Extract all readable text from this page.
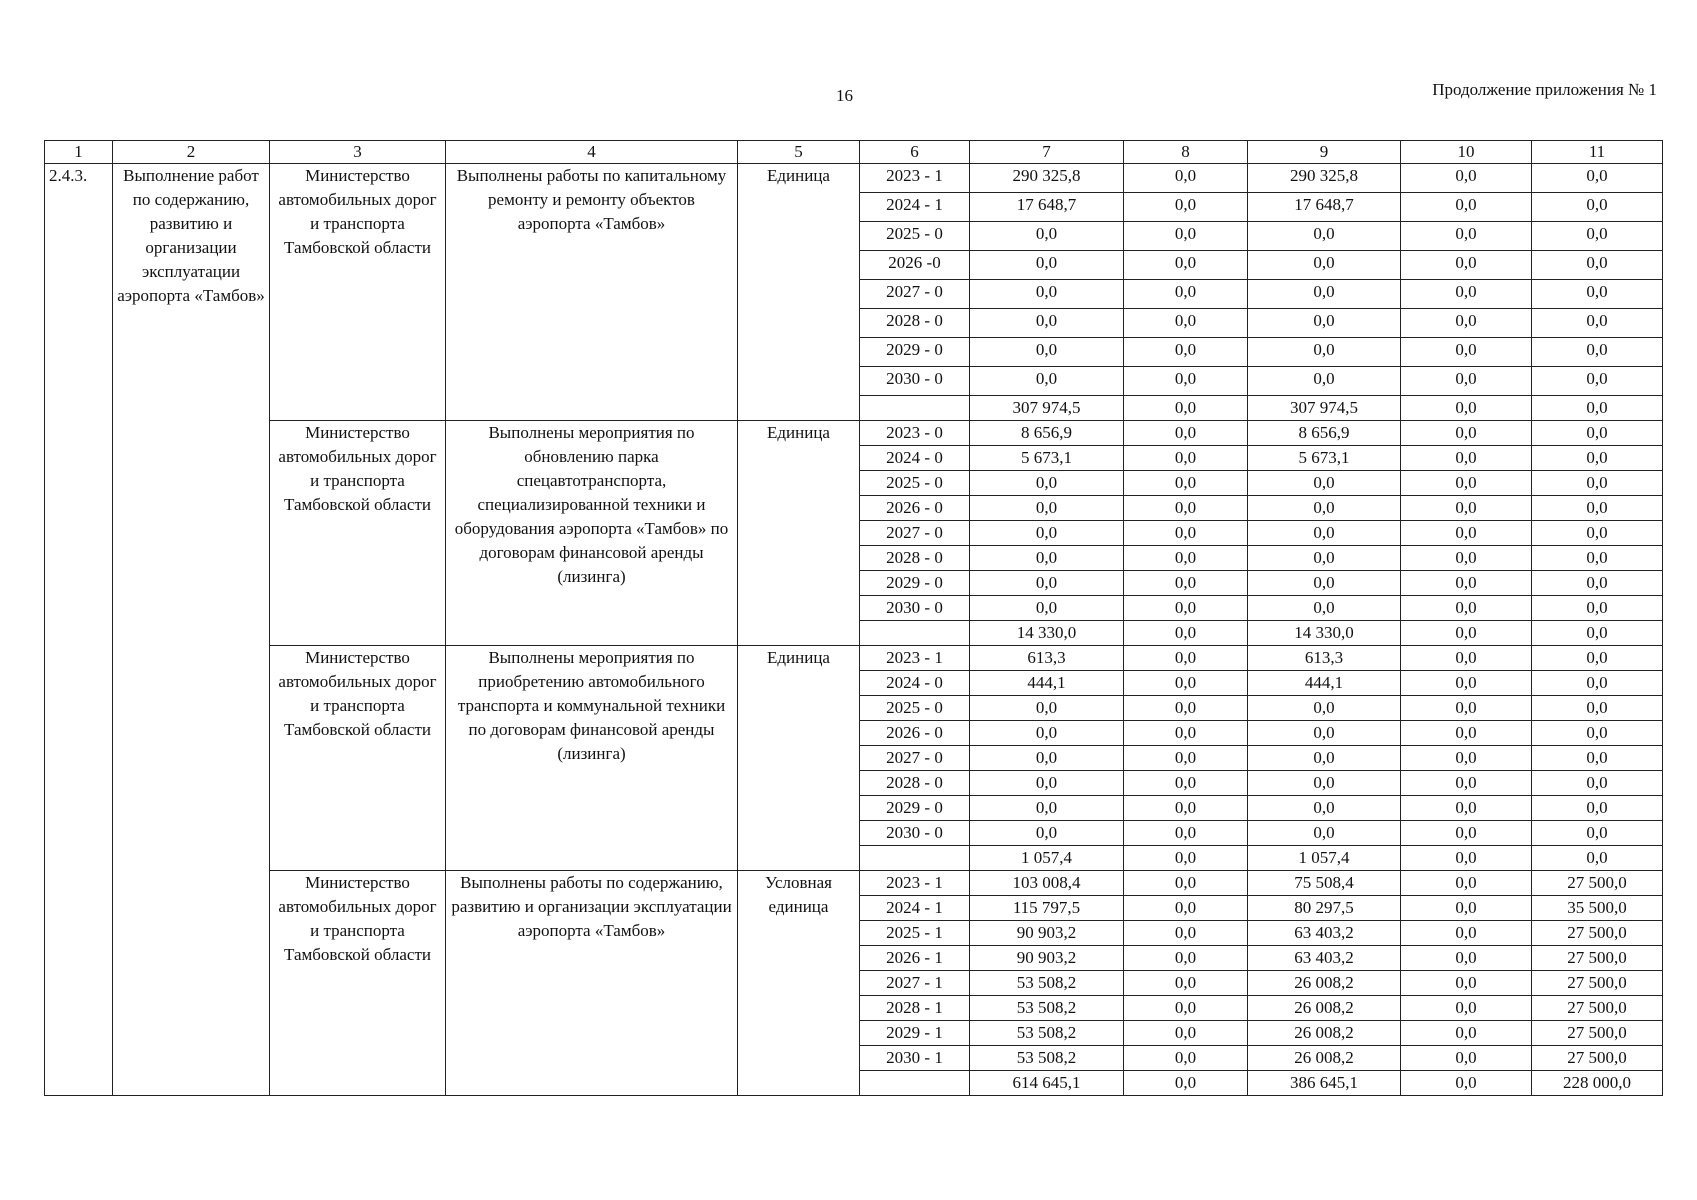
16	Продолжение приложения № 1
1	2	3	4	5	6	7	8	9	10	11
2.4.3.	Выполнение работ по содержанию, развитию и организации эксплуатации аэропорта «Тамбов»	Министерство автомобильных дорог и транспорта Тамбовской области	Выполнены работы по капитальному ремонту и ремонту объектов аэропорта «Тамбов»	Единица	2023 - 1	290 325,8	0,0	290 325,8	0,0	0,0
					2024 - 1	17 648,7	0,0	17 648,7	0,0	0,0
					2025 - 0	0,0	0,0	0,0	0,0	0,0
					2026 -0	0,0	0,0	0,0	0,0	0,0
					2027 - 0	0,0	0,0	0,0	0,0	0,0
					2028 - 0	0,0	0,0	0,0	0,0	0,0
					2029 - 0	0,0	0,0	0,0	0,0	0,0
					2030 - 0	0,0	0,0	0,0	0,0	0,0
						307 974,5	0,0	307 974,5	0,0	0,0
		Министерство автомобильных дорог и транспорта Тамбовской области	Выполнены мероприятия по обновлению парка спецавтотранспорта, специализированной техники и оборудования аэропорта «Тамбов» по договорам финансовой аренды (лизинга)	Единица	2023 - 0	8 656,9	0,0	8 656,9	0,0	0,0
					2024 - 0	5 673,1	0,0	5 673,1	0,0	0,0
					2025 - 0	0,0	0,0	0,0	0,0	0,0
					2026 - 0	0,0	0,0	0,0	0,0	0,0
					2027 - 0	0,0	0,0	0,0	0,0	0,0
					2028 - 0	0,0	0,0	0,0	0,0	0,0
					2029 - 0	0,0	0,0	0,0	0,0	0,0
					2030 - 0	0,0	0,0	0,0	0,0	0,0
						14 330,0	0,0	14 330,0	0,0	0,0
		Министерство автомобильных дорог и транспорта Тамбовской области	Выполнены мероприятия по приобретению автомобильного транспорта и коммунальной техники по договорам финансовой аренды (лизинга)	Единица	2023 - 1	613,3	0,0	613,3	0,0	0,0
					2024 - 0	444,1	0,0	444,1	0,0	0,0
					2025 - 0	0,0	0,0	0,0	0,0	0,0
					2026 - 0	0,0	0,0	0,0	0,0	0,0
					2027 - 0	0,0	0,0	0,0	0,0	0,0
					2028 - 0	0,0	0,0	0,0	0,0	0,0
					2029 - 0	0,0	0,0	0,0	0,0	0,0
					2030 - 0	0,0	0,0	0,0	0,0	0,0
						1 057,4	0,0	1 057,4	0,0	0,0
		Министерство автомобильных дорог и транспорта Тамбовской области	Выполнены работы по содержанию, развитию и организации эксплуатации аэропорта «Тамбов»	Условная единица	2023 - 1	103 008,4	0,0	75 508,4	0,0	27 500,0
					2024 - 1	115 797,5	0,0	80 297,5	0,0	35 500,0
					2025 - 1	90 903,2	0,0	63 403,2	0,0	27 500,0
					2026 - 1	90 903,2	0,0	63 403,2	0,0	27 500,0
					2027 - 1	53 508,2	0,0	26 008,2	0,0	27 500,0
					2028 - 1	53 508,2	0,0	26 008,2	0,0	27 500,0
					2029 - 1	53 508,2	0,0	26 008,2	0,0	27 500,0
					2030 - 1	53 508,2	0,0	26 008,2	0,0	27 500,0
						614 645,1	0,0	386 645,1	0,0	228 000,0
